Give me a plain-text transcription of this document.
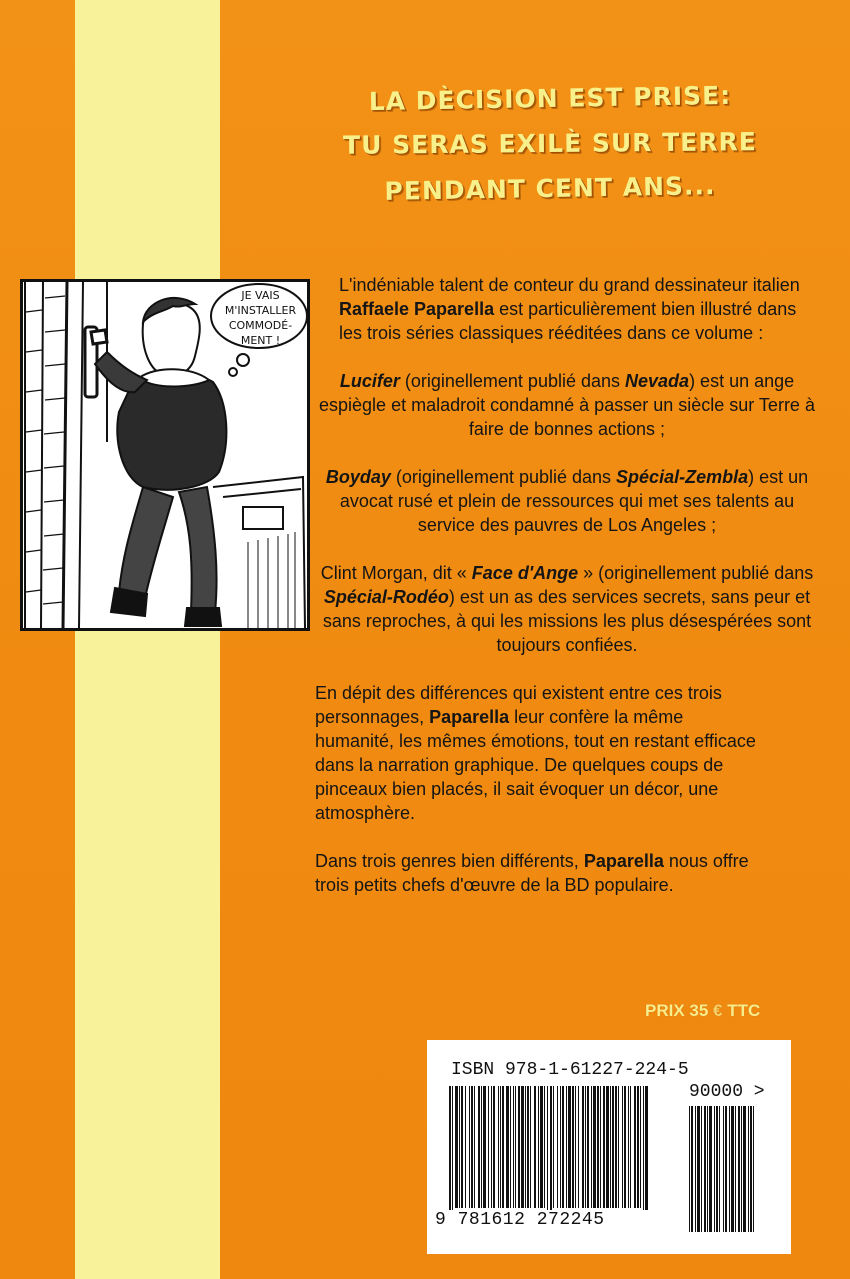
LA DÈCISION EST PRISE:
TU SERAS EXILÈ SUR TERRE
PENDANT CENT ANS...
JE VAIS
M'INSTALLER
COMMODÉ-
MENT !

L'indéniable talent de conteur du grand dessinateur italien Raffaele Paparella est particulièrement bien illustré dans les trois séries classiques rééditées dans ce volume :

Lucifer (originellement publié dans Nevada) est un ange espiègle et maladroit condamné à passer un siècle sur Terre à faire de bonnes actions ;

Boyday (originellement publié dans Spécial-Zembla) est un avocat rusé et plein de ressources qui met ses talents au service des pauvres de Los Angeles ;

Clint Morgan, dit « Face d'Ange » (originellement publié dans Spécial-Rodéo) est un as des services secrets, sans peur et sans reproches, à qui les missions les plus désespérées sont toujours confiées.

En dépit des différences qui existent entre ces trois personnages, Paparella leur confère la même humanité, les mêmes émotions, tout en restant efficace dans la narration graphique. De quelques coups de pinceaux bien placés, il sait évoquer un décor, une atmosphère.

Dans trois genres bien différents, Paparella nous offre trois petits chefs d'œuvre de la BD populaire.

PRIX 35 € TTC
ISBN 978-1-61227-224-5
90000 >
9 781612 272245
